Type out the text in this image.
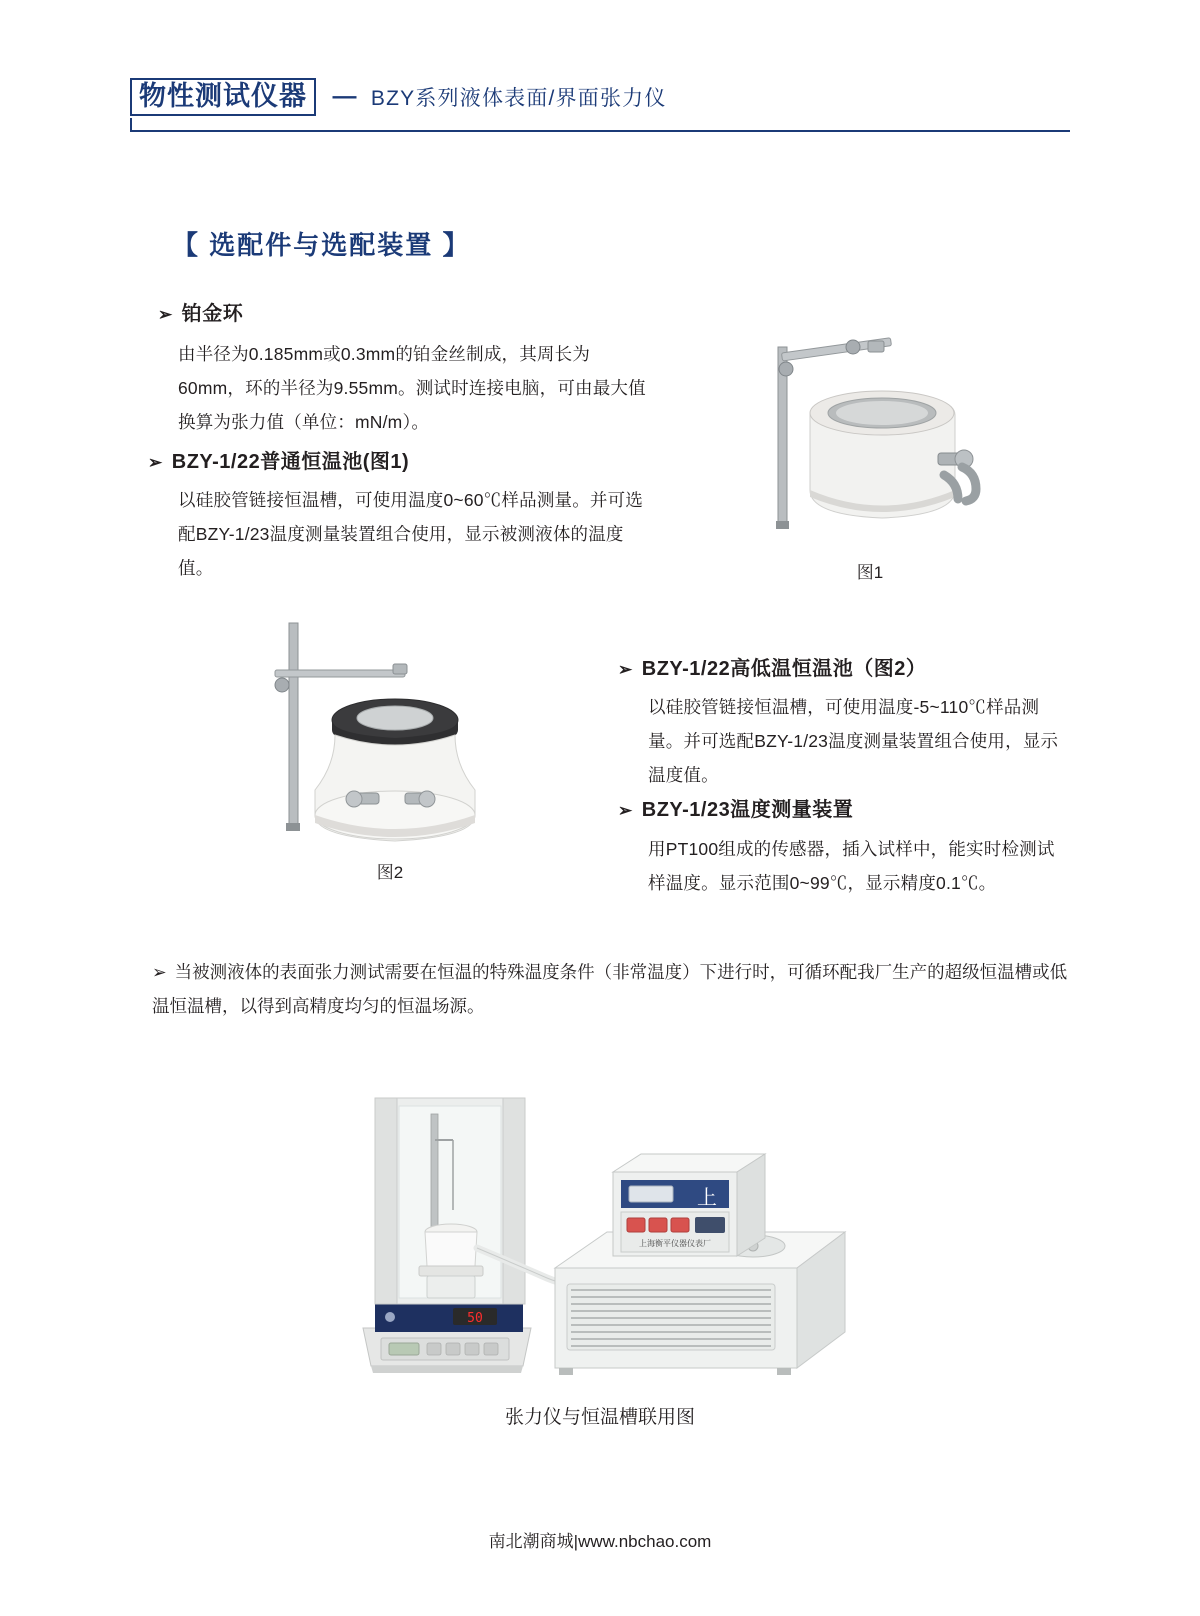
物性测试仪器 — BZY系列液体表面/界面张力仪
【 选配件与选配装置 】
➢ 铂金环
由半径为0.185mm或0.3mm的铂金丝制成，其周长为60mm，环的半径为9.55mm。测试时连接电脑，可由最大值换算为张力值（单位：mN/m）。
➢ BZY-1/22普通恒温池(图1)
以硅胶管链接恒温槽，可使用温度0~60℃样品测量。并可选配BZY-1/23温度测量装置组合使用，显示被测液体的温度值。	图1
图2
➢ BZY-1/22高低温恒温池（图2）
以硅胶管链接恒温槽，可使用温度-5~110℃样品测量。并可选配BZY-1/23温度测量装置组合使用，显示温度值。
➢ BZY-1/23温度测量装置
用PT100组成的传感器，插入试样中，能实时检测试样温度。显示范围0~99℃，显示精度0.1℃。
➢ 当被测液体的表面张力测试需要在恒温的特殊温度条件（非常温度）下进行时，可循环配我厂生产的超级恒温槽或低温恒温槽，以得到高精度均匀的恒温场源。
50
上
上海衡平仪器仪表厂
张力仪与恒温槽联用图
南北潮商城|www.nbchao.com
